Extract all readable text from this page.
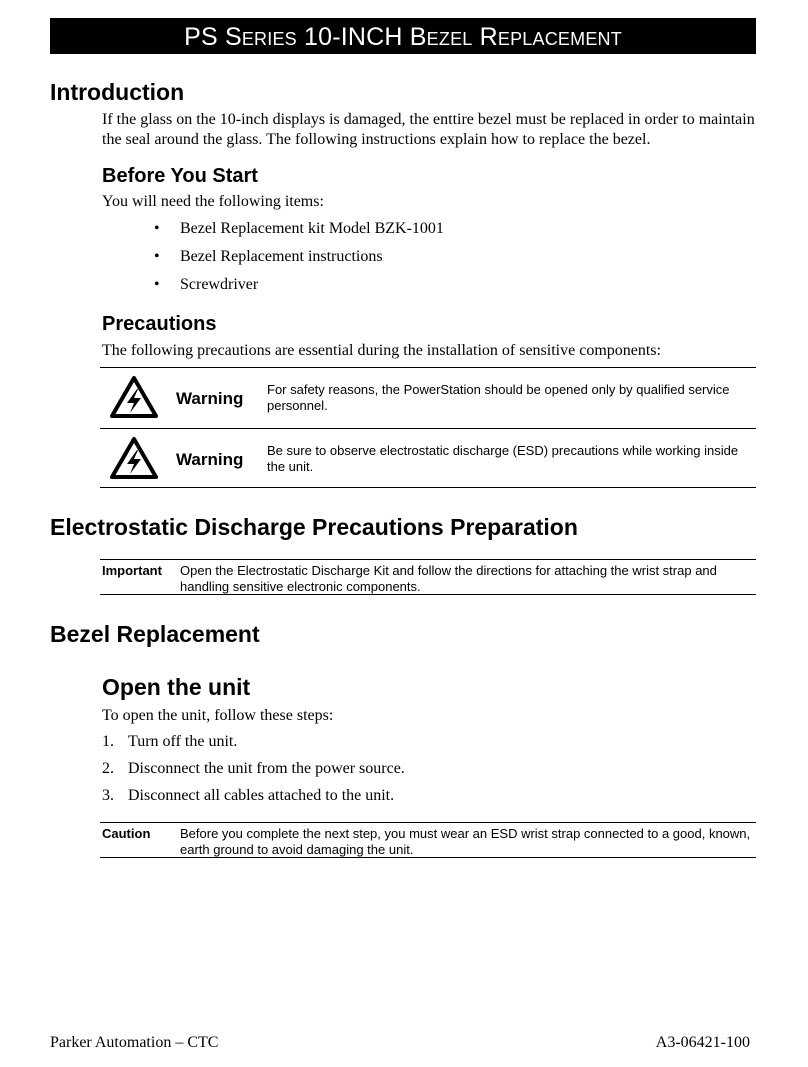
PS Series 10-INCH Bezel Replacement
Introduction
If the glass on the 10-inch displays is damaged, the enttire bezel must be replaced in order to maintain the seal around the glass. The following instructions explain how to replace the bezel.
Before You Start
You will need the following items:
• Bezel Replacement kit Model BZK-1001
• Bezel Replacement instructions
• Screwdriver
Precautions
The following precautions are essential during the installation of sensitive components:
Warning For safety reasons, the PowerStation should be opened only by qualified service personnel.
Warning Be sure to observe electrostatic discharge (ESD) precautions while working inside the unit.
Electrostatic Discharge Precautions Preparation
Important Open the Electrostatic Discharge Kit and follow the directions for attaching the wrist strap and handling sensitive electronic components.
Bezel Replacement
Open the unit
To open the unit, follow these steps:
1. Turn off the unit.
2. Disconnect the unit from the power source.
3. Disconnect all cables attached to the unit.
Caution Before you complete the next step, you must wear an ESD wrist strap connected to a good, known, earth ground to avoid damaging the unit.
Parker Automation – CTC	A3-06421-100
